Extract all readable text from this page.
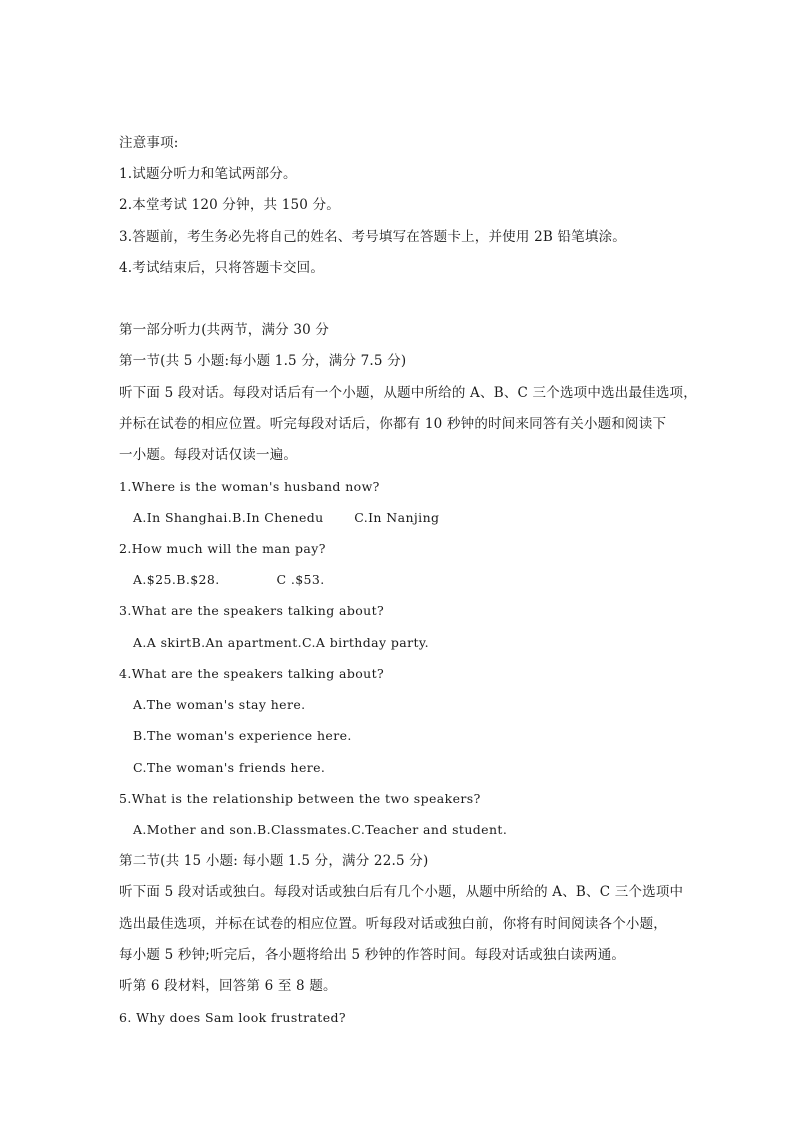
注意事项:
1.试题分听力和笔试两部分。
2.本堂考试 120 分钟，共 150 分。
3.答题前，考生务必先将自己的姓名、考号填写在答题卡上，并使用 2B 铅笔填涂。
4.考试结束后，只将答题卡交回。
第一部分听力(共两节，满分 30 分
第一节(共 5 小题:每小题 1.5 分，满分 7.5 分)
听下面 5 段对话。每段对话后有一个小题，从题中所给的 A、B、C 三个选项中选出最佳选项，
并标在试卷的相应位置。听完每段对话后，你都有 10 秒钟的时间来同答有关小题和阅读下
一小题。每段对话仅读一遍。
1.Where is the woman's husband now?
A.In Shanghai.B.In Chenedu       C.In Nanjing
2.How much will the man pay?
A.$25.B.$28.             C .$53.
3.What are the speakers talking about?
A.A skirtB.An apartment.C.A birthday party.
4.What are the speakers talking about?
A.The woman's stay here.
B.The woman's experience here.
C.The woman's friends here.
5.What is the relationship between the two speakers?
A.Mother and son.B.Classmates.C.Teacher and student.
第二节(共 15 小题: 每小题 1.5 分，满分 22.5 分)
听下面 5 段对话或独白。每段对话或独白后有几个小题，从题中所给的 A、B、C 三个选项中
选出最佳选项，并标在试卷的相应位置。听每段对话或独白前，你将有时间阅读各个小题，
每小题 5 秒钟;听完后，各小题将给出 5 秒钟的作答时间。每段对话或独白读两通。
听第 6 段材料，回答第 6 至 8 题。
6. Why does Sam look frustrated?
